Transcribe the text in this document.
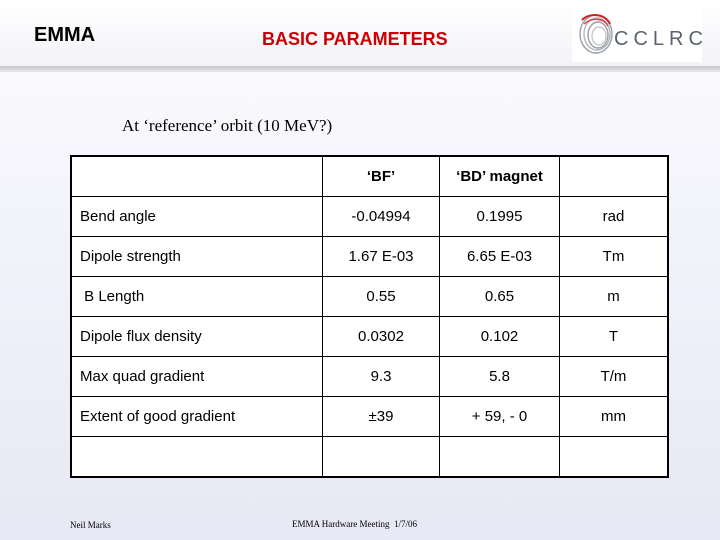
EMMA	BASIC PARAMETERS	CCLRC
At ‘reference’ orbit (10 MeV?)
	‘BF’	‘BD’ magnet	
Bend angle	-0.04994	0.1995	rad
Dipole strength	1.67 E-03	6.65 E-03	Tm
B Length	0.55	0.65	m
Dipole flux density	0.0302	0.102	T
Max quad gradient	9.3	5.8	T/m
Extent of good gradient	±39	+ 59, - 0	mm

Neil Marks	EMMA Hardware Meeting  1/7/06
